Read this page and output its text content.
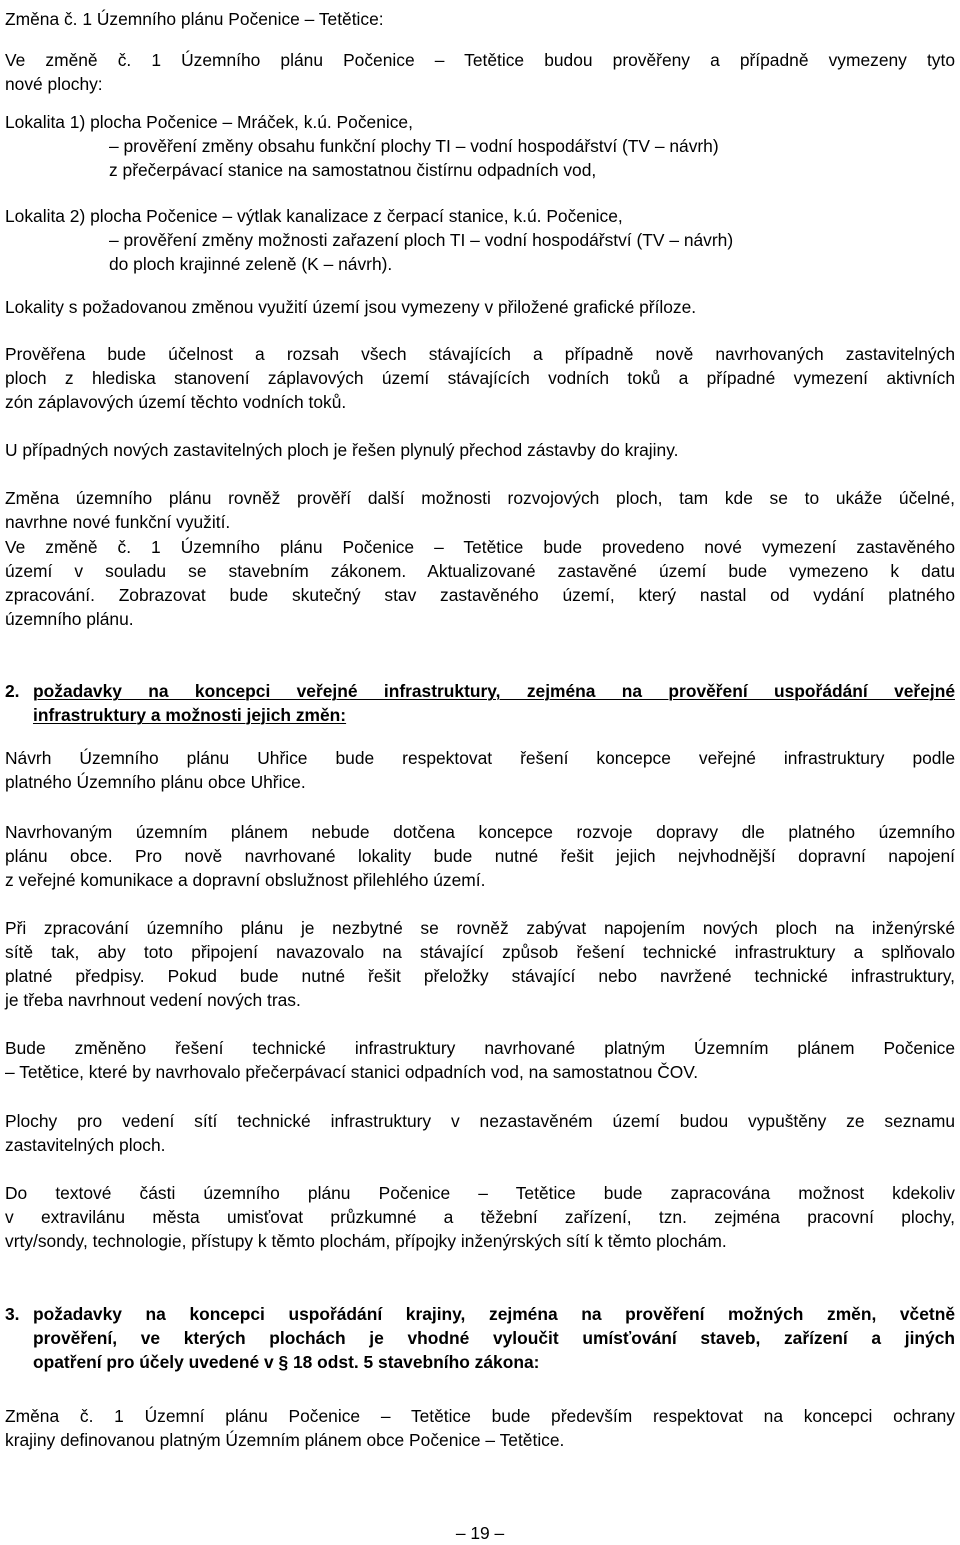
Změna č. 1 Územního plánu Počenice – Tetětice:
Ve změně č. 1 Územního plánu Počenice – Tetětice budou prověřeny a případně vymezeny tyto
nové plochy:
Lokalita 1) plocha Počenice – Mráček, k.ú. Počenice,
– prověření změny obsahu funkční plochy TI – vodní hospodářství (TV – návrh)
z přečerpávací stanice na samostatnou čistírnu odpadních vod,
Lokalita 2) plocha Počenice – výtlak kanalizace z čerpací stanice, k.ú. Počenice,
– prověření změny možnosti zařazení ploch TI – vodní hospodářství (TV – návrh)
do ploch krajinné zeleně (K – návrh).
Lokality s požadovanou změnou využití území jsou vymezeny v přiložené grafické příloze.
Prověřena bude účelnost a rozsah všech stávajících a případně nově navrhovaných zastavitelných
ploch z hlediska stanovení záplavových území stávajících vodních toků a případné vymezení aktivních
zón záplavových území těchto vodních toků.
U případných nových zastavitelných ploch je řešen plynulý přechod zástavby do krajiny.
Změna územního plánu rovněž prověří další možnosti rozvojových ploch, tam kde se to ukáže účelné,
navrhne nové funkční využití.
Ve změně č. 1 Územního plánu Počenice – Tetětice bude provedeno nové vymezení zastavěného
území v souladu se stavebním zákonem. Aktualizované zastavěné území bude vymezeno k datu
zpracování. Zobrazovat bude skutečný stav zastavěného území, který nastal od vydání platného
územního plánu.
2. požadavky na koncepci veřejné infrastruktury, zejména na prověření uspořádání veřejné
infrastruktury a možnosti jejich změn:
Návrh Územního plánu Uhřice bude respektovat řešení koncepce veřejné infrastruktury podle
platného Územního plánu obce Uhřice.
Navrhovaným územním plánem nebude dotčena koncepce rozvoje dopravy dle platného územního
plánu obce. Pro nově navrhované lokality bude nutné řešit jejich nejvhodnější dopravní napojení
z veřejné komunikace a dopravní obslužnost přilehlého území.
Při zpracování územního plánu je nezbytné se rovněž zabývat napojením nových ploch na inženýrské
sítě tak, aby toto připojení navazovalo na stávající způsob řešení technické infrastruktury a splňovalo
platné předpisy. Pokud bude nutné řešit přeložky stávající nebo navržené technické infrastruktury,
je třeba navrhnout vedení nových tras.
Bude změněno řešení technické infrastruktury navrhované platným Územním plánem Počenice
– Tetětice, které by navrhovalo přečerpávací stanici odpadních vod, na samostatnou ČOV.
Plochy pro vedení sítí technické infrastruktury v nezastavěném území budou vypuštěny ze seznamu
zastavitelných ploch.
Do textové části územního plánu Počenice – Tetětice bude zapracována možnost kdekoliv
v extravilánu města umisťovat průzkumné a těžební zařízení, tzn. zejména pracovní plochy,
vrty/sondy, technologie, přístupy k těmto plochám, přípojky inženýrských sítí k těmto plochám.
3. požadavky na koncepci uspořádání krajiny, zejména na prověření možných změn, včetně
prověření, ve kterých plochách je vhodné vyloučit umísťování staveb, zařízení a jiných
opatření pro účely uvedené v § 18 odst. 5 stavebního zákona:
Změna č. 1 Územní plánu Počenice – Tetětice bude především respektovat na koncepci ochrany
krajiny definovanou platným Územním plánem obce Počenice – Tetětice.
– 19 –
